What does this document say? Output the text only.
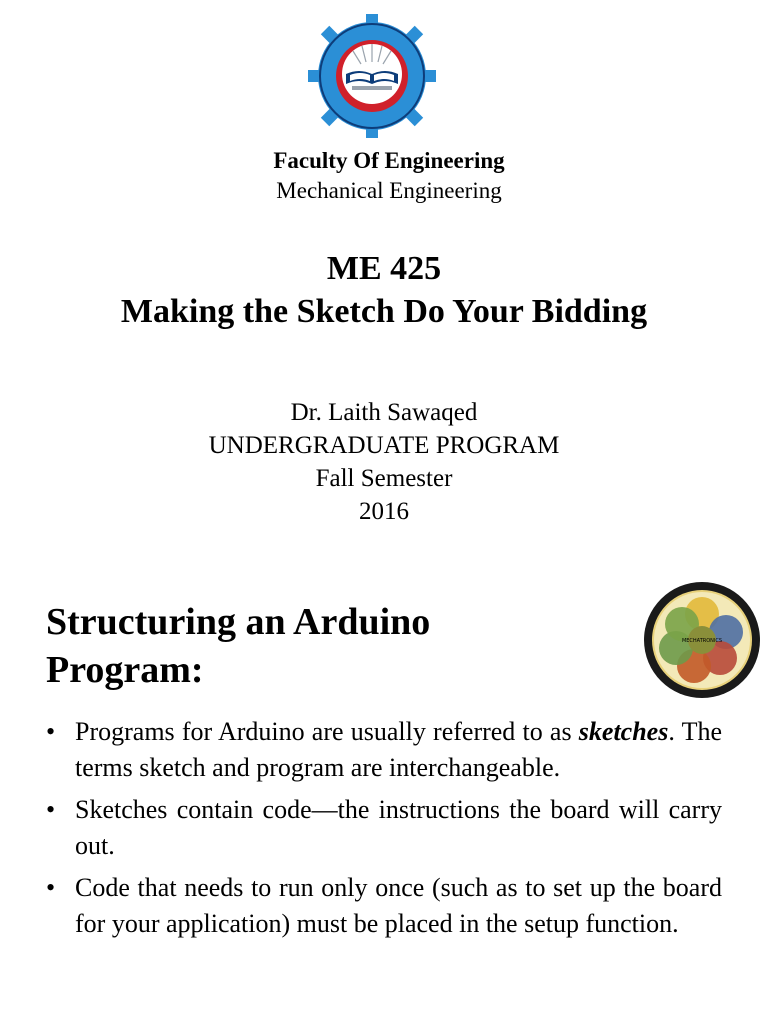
Faculty Of Engineering
Mechanical Engineering
ME 425
Making the Sketch Do Your Bidding
Dr. Laith Sawaqed
UNDERGRADUATE PROGRAM
Fall Semester
2016
Structuring an Arduino
Program:
MECHATRONICS
• Programs for Arduino are usually referred to as sketches. The terms sketch and program are interchangeable.
• Sketches contain code—the instructions the board will carry out.
• Code that needs to run only once (such as to set up the board for your application) must be placed in the setup function.
